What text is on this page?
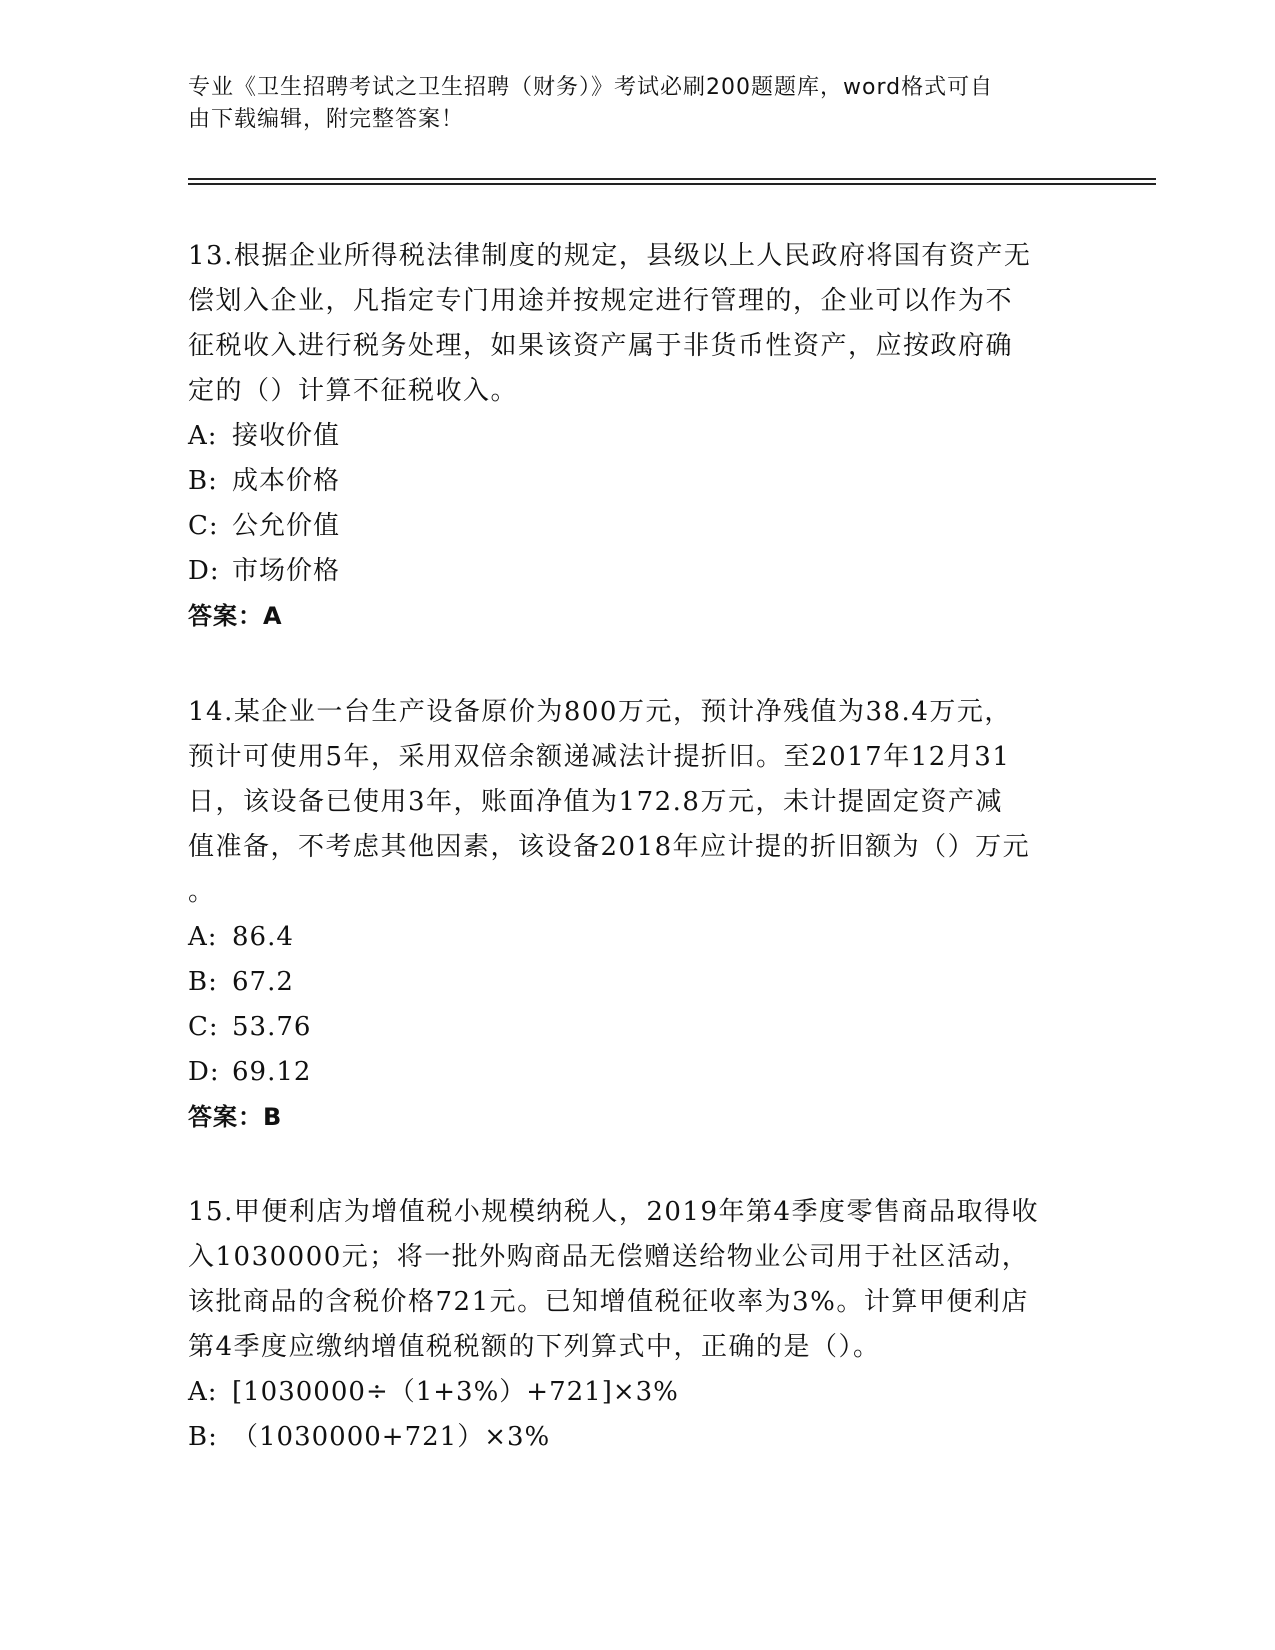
专业《卫生招聘考试之卫生招聘（财务）》考试必刷200题题库，word格式可自
由下载编辑，附完整答案！
13.根据企业所得税法律制度的规定，县级以上人民政府将国有资产无
偿划入企业，凡指定专门用途并按规定进行管理的，企业可以作为不
征税收入进行税务处理，如果该资产属于非货币性资产，应按政府确
定的（）计算不征税收入。
A: 接收价值
B: 成本价格
C: 公允价值
D: 市场价格
答案：A
14.某企业一台生产设备原价为800万元，预计净残值为38.4万元，
预计可使用5年，采用双倍余额递减法计提折旧。至2017年12月31
日，该设备已使用3年，账面净值为172.8万元，未计提固定资产减
值准备，不考虑其他因素，该设备2018年应计提的折旧额为（）万元
。
A: 86.4
B: 67.2
C: 53.76
D: 69.12
答案：B
15.甲便利店为增值税小规模纳税人，2019年第4季度零售商品取得收
入1030000元；将一批外购商品无偿赠送给物业公司用于社区活动，
该批商品的含税价格721元。已知增值税征收率为3%。计算甲便利店
第4季度应缴纳增值税税额的下列算式中，正确的是（）。
A: [1030000÷（1+3%）+721]×3%
B: （1030000+721）×3%
